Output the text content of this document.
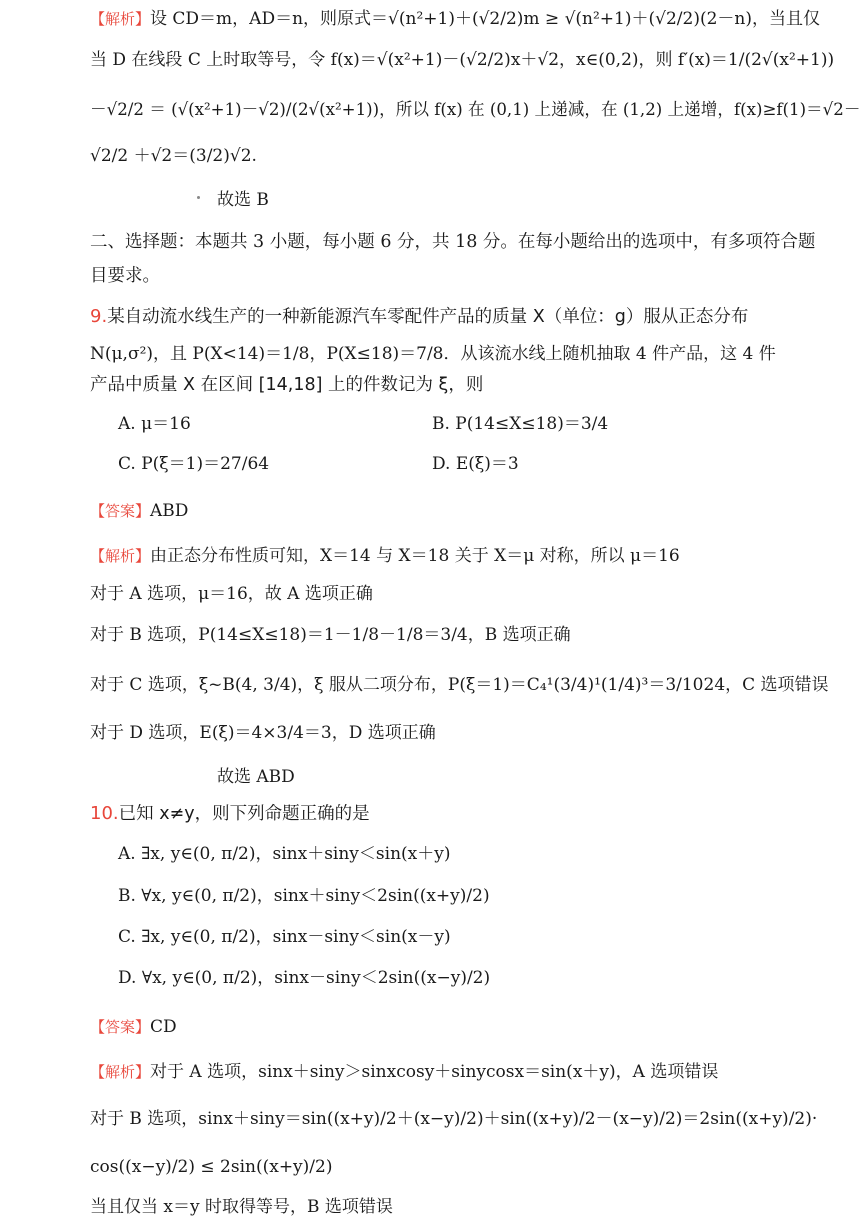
【解析】设 CD＝m，AD＝n，则原式＝√(n²+1)＋(√2/2)m ≥ √(n²+1)＋(√2/2)(2－n)，当且仅
当 D 在线段 C 上时取等号，令 f(x)＝√(x²+1)－(√2/2)x＋√2，x∈(0,2)，则 f′(x)＝1/(2√(x²+1))
－√2/2 ＝ (√(x²+1)－√2)/(2√(x²+1))，所以 f(x) 在 (0,1) 上递减，在 (1,2) 上递增，f(x)≥f(1)＝√2－
√2/2 ＋√2＝(3/2)√2.
故选 B
二、选择题：本题共 3 小题，每小题 6 分，共 18 分。在每小题给出的选项中，有多项符合题
目要求。
9.某自动流水线生产的一种新能源汽车零配件产品的质量 X（单位：g）服从正态分布
N(μ,σ²)，且 P(X<14)＝1/8，P(X≤18)＝7/8．从该流水线上随机抽取 4 件产品，这 4 件
产品中质量 X 在区间 [14,18] 上的件数记为 ξ，则
A. μ＝16	B. P(14≤X≤18)＝3/4
C. P(ξ＝1)＝27/64	D. E(ξ)＝3
【答案】ABD
【解析】由正态分布性质可知，X＝14 与 X＝18 关于 X＝μ 对称，所以 μ＝16
对于 A 选项，μ＝16，故 A 选项正确
对于 B 选项，P(14≤X≤18)＝1－1/8－1/8＝3/4，B 选项正确
对于 C 选项，ξ~B(4, 3/4)，ξ 服从二项分布，P(ξ＝1)＝C₄¹(3/4)¹(1/4)³＝3/1024，C 选项错误
对于 D 选项，E(ξ)＝4×3/4＝3，D 选项正确
故选 ABD
10.已知 x≠y，则下列命题正确的是
A. ∃x, y∈(0, π/2)，sinx＋siny＜sin(x＋y)
B. ∀x, y∈(0, π/2)，sinx＋siny＜2sin((x+y)/2)
C. ∃x, y∈(0, π/2)，sinx－siny＜sin(x－y)
D. ∀x, y∈(0, π/2)，sinx－siny＜2sin((x−y)/2)
【答案】CD
【解析】对于 A 选项，sinx＋siny＞sinxcosy＋sinycosx＝sin(x＋y)，A 选项错误
对于 B 选项，sinx＋siny＝sin((x+y)/2＋(x−y)/2)＋sin((x+y)/2－(x−y)/2)＝2sin((x+y)/2)·
cos((x−y)/2) ≤ 2sin((x+y)/2)
当且仅当 x＝y 时取得等号，B 选项错误
